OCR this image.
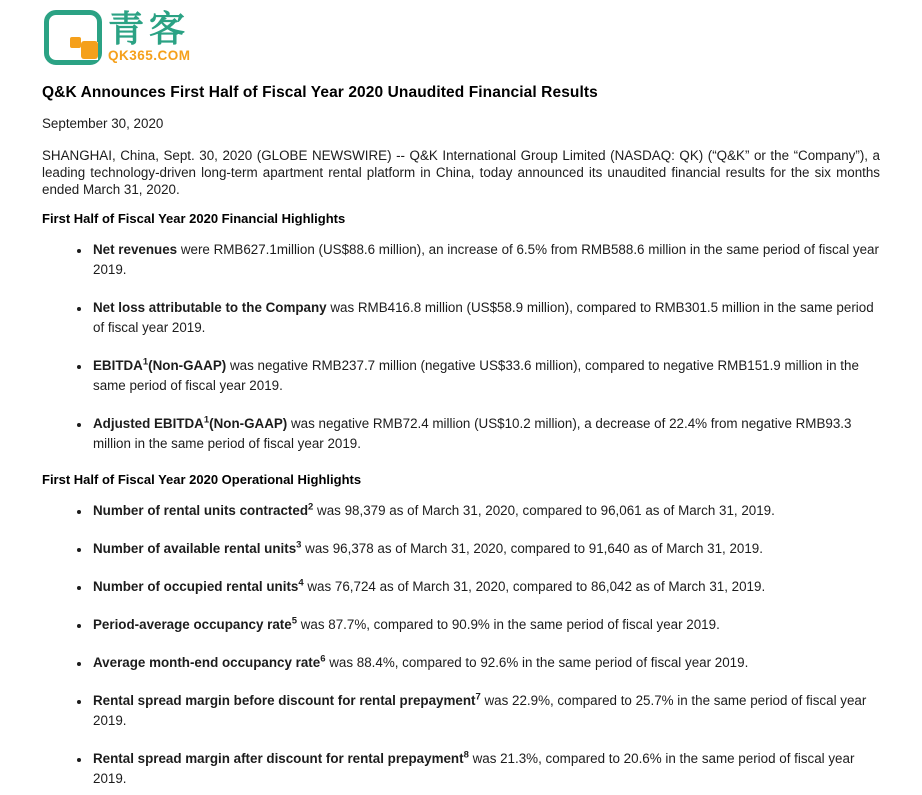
青客
QK365.COM
Q&K Announces First Half of Fiscal Year 2020 Unaudited Financial Results
September 30, 2020

SHANGHAI, China, Sept. 30, 2020 (GLOBE NEWSWIRE) -- Q&K International Group Limited (NASDAQ: QK) (“Q&K” or the “Company”), a leading technology-driven long-term apartment rental platform in China, today announced its unaudited financial results for the six months ended March 31, 2020.

First Half of Fiscal Year 2020 Financial Highlights
• Net revenues were RMB627.1million (US$88.6 million), an increase of 6.5% from RMB588.6 million in the same period of fiscal year 2019.
• Net loss attributable to the Company was RMB416.8 million (US$58.9 million), compared to RMB301.5 million in the same period of fiscal year 2019.
• EBITDA$^1$(Non-GAAP) was negative RMB237.7 million (negative US$33.6 million), compared to negative RMB151.9 million in the same period of fiscal year 2019.
• Adjusted EBITDA$^1$(Non-GAAP) was negative RMB72.4 million (US$10.2 million), a decrease of 22.4% from negative RMB93.3 million in the same period of fiscal year 2019.
First Half of Fiscal Year 2020 Operational Highlights
• Number of rental units contracted$^2$ was 98,379 as of March 31, 2020, compared to 96,061 as of March 31, 2019.
• Number of available rental units$^3$ was 96,378 as of March 31, 2020, compared to 91,640 as of March 31, 2019.
• Number of occupied rental units$^4$ was 76,724 as of March 31, 2020, compared to 86,042 as of March 31, 2019.
• Period-average occupancy rate$^5$ was 87.7%, compared to 90.9% in the same period of fiscal year 2019.
• Average month-end occupancy rate$^6$ was 88.4%, compared to 92.6% in the same period of fiscal year 2019.
• Rental spread margin before discount for rental prepayment$^7$ was 22.9%, compared to 25.7% in the same period of fiscal year 2019.
• Rental spread margin after discount for rental prepayment$^8$ was 21.3%, compared to 20.6% in the same period of fiscal year 2019.
